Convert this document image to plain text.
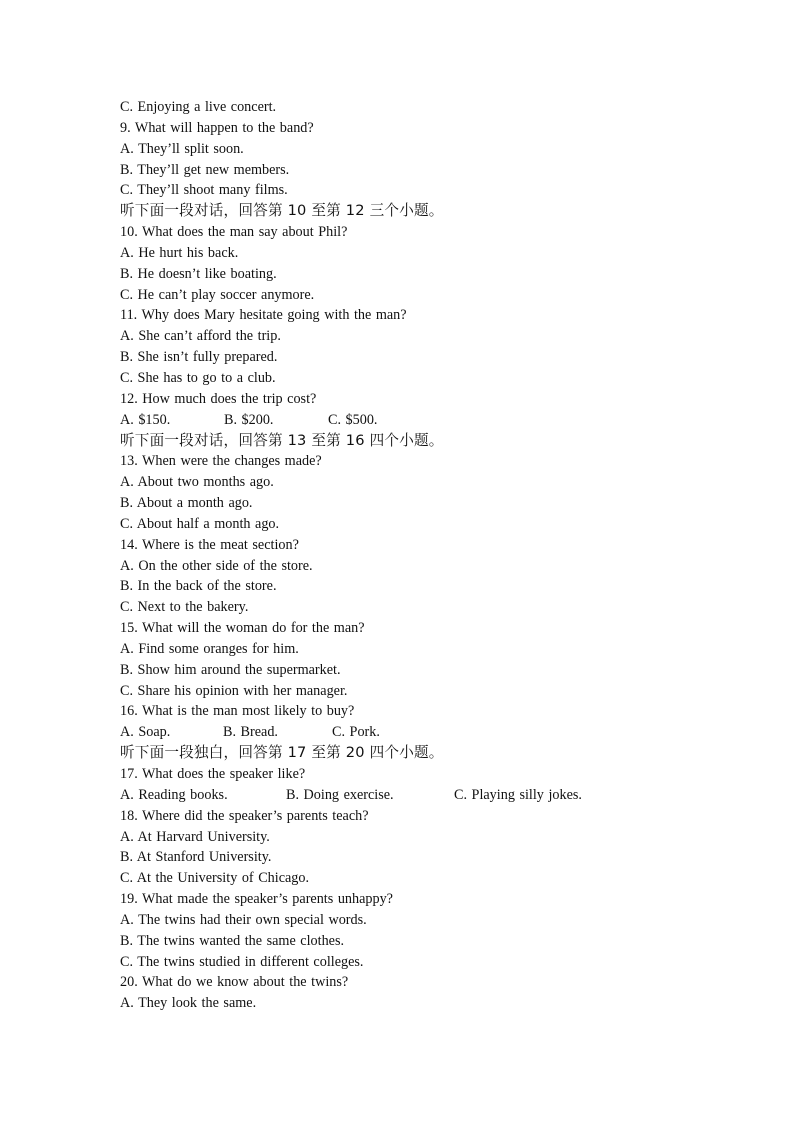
C. Enjoying a live concert.
9. What will happen to the band?
A. They’ll split soon.
B. They’ll get new members.
C. They’ll shoot many films.
听下面一段对话，回答第 10 至第 12 三个小题。
10. What does the man say about Phil?
A. He hurt his back.
B. He doesn’t like boating.
C. He can’t play soccer anymore.
11. Why does Mary hesitate going with the man?
A. She can’t afford the trip.
B. She isn’t fully prepared.
C. She has to go to a club.
12. How much does the trip cost?
A. $150.	B. $200.	C. $500.
听下面一段对话，回答第 13 至第 16 四个小题。
13. When were the changes made?
A. About two months ago.
B. About a month ago.
C. About half a month ago.
14. Where is the meat section?
A. On the other side of the store.
B. In the back of the store.
C. Next to the bakery.
15. What will the woman do for the man?
A. Find some oranges for him.
B. Show him around the supermarket.
C. Share his opinion with her manager.
16. What is the man most likely to buy?
A. Soap.	B. Bread.	C. Pork.
听下面一段独白，回答第 17 至第 20 四个小题。
17. What does the speaker like?
A. Reading books.	B. Doing exercise.	C. Playing silly jokes.
18. Where did the speaker’s parents teach?
A. At Harvard University.
B. At Stanford University.
C. At the University of Chicago.
19. What made the speaker’s parents unhappy?
A. The twins had their own special words.
B. The twins wanted the same clothes.
C. The twins studied in different colleges.
20. What do we know about the twins?
A. They look the same.
